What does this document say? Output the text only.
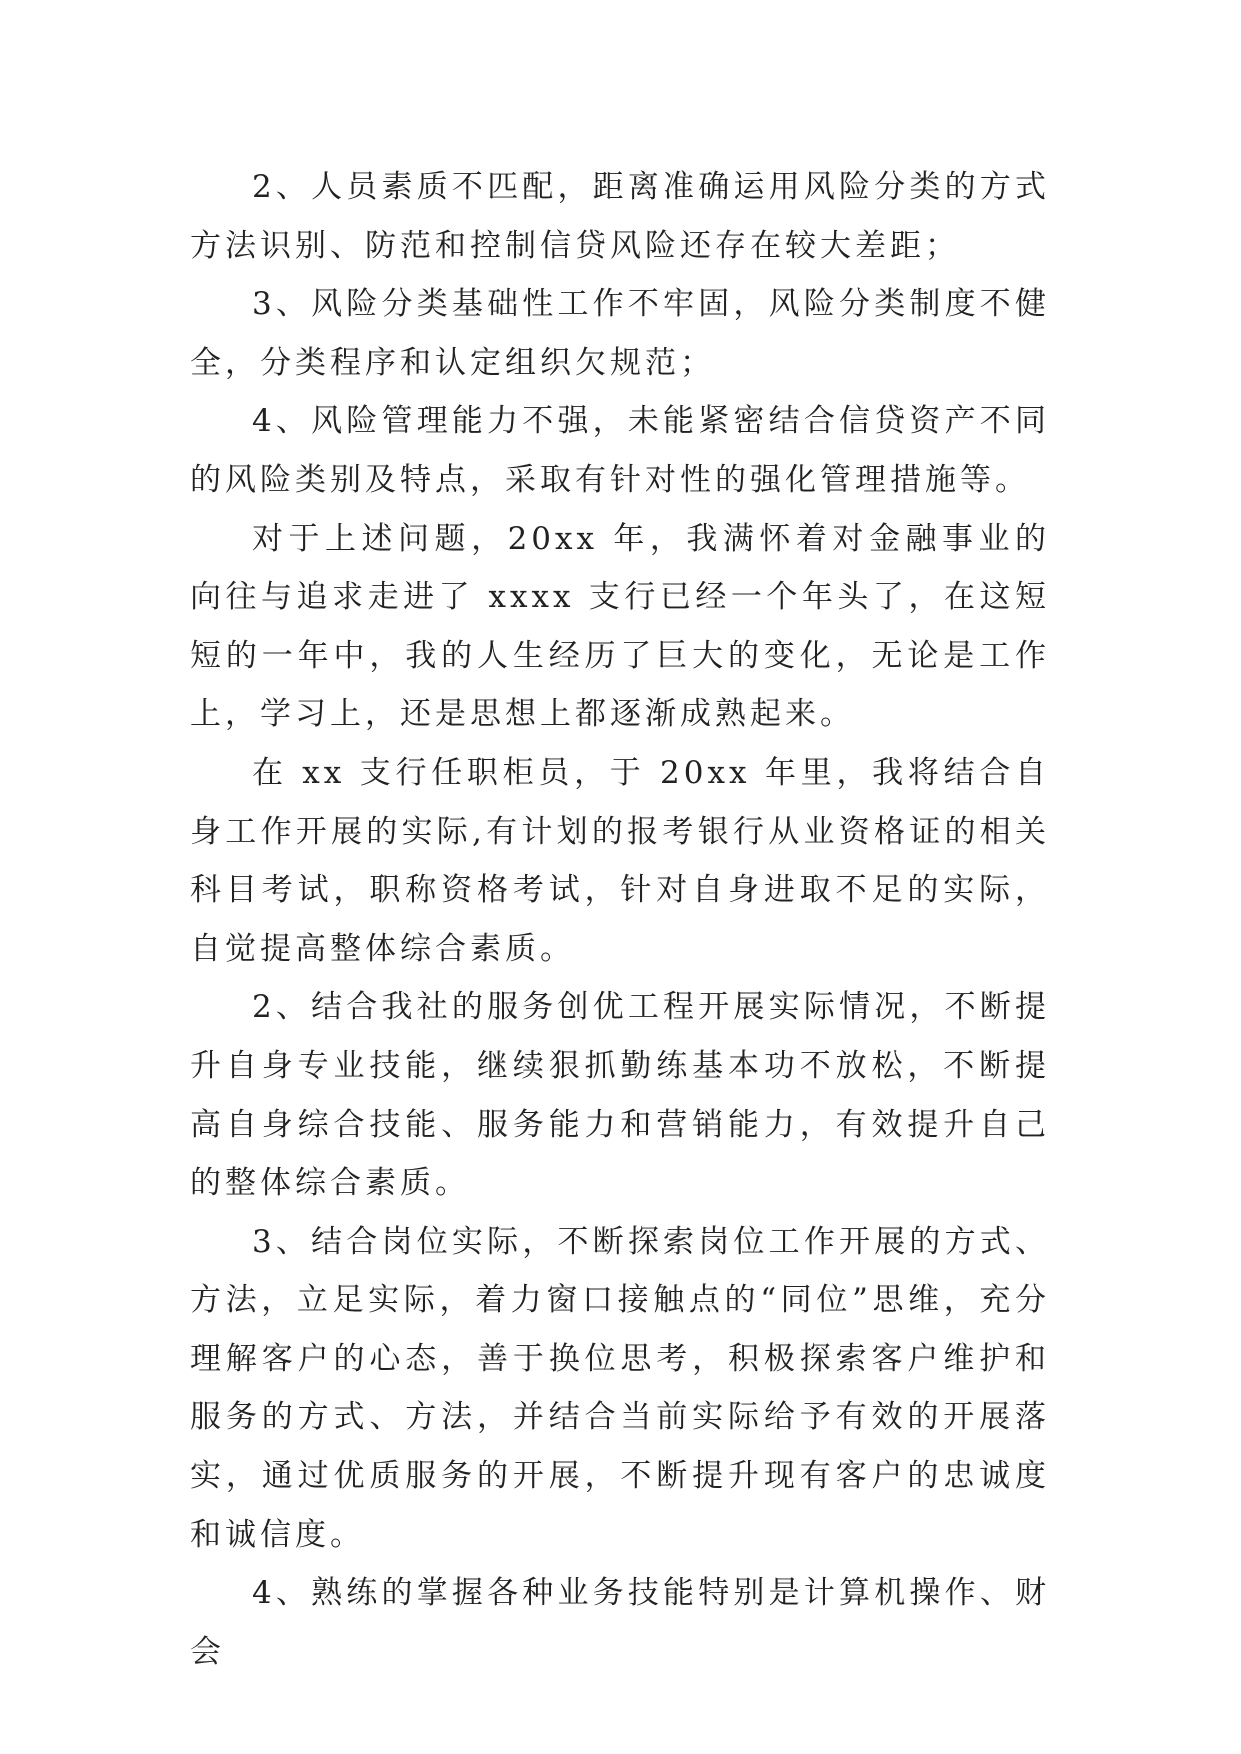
2、人员素质不匹配，距离准确运用风险分类的方式方法识别、防范和控制信贷风险还存在较大差距；

3、风险分类基础性工作不牢固，风险分类制度不健全，分类程序和认定组织欠规范；

4、风险管理能力不强，未能紧密结合信贷资产不同的风险类别及特点，采取有针对性的强化管理措施等。

对于上述问题，20xx 年，我满怀着对金融事业的向往与追求走进了 xxxx 支行已经一个年头了，在这短短的一年中，我的人生经历了巨大的变化，无论是工作上，学习上，还是思想上都逐渐成熟起来。

在 xx 支行任职柜员，于 20xx 年里，我将结合自身工作开展的实际,有计划的报考银行从业资格证的相关科目考试，职称资格考试，针对自身进取不足的实际，自觉提高整体综合素质。

2、结合我社的服务创优工程开展实际情况，不断提升自身专业技能，继续狠抓勤练基本功不放松，不断提高自身综合技能、服务能力和营销能力，有效提升自己的整体综合素质。

3、结合岗位实际，不断探索岗位工作开展的方式、方法，立足实际，着力窗口接触点的“同位”思维，充分理解客户的心态，善于换位思考，积极探索客户维护和服务的方式、方法，并结合当前实际给予有效的开展落实，通过优质服务的开展，不断提升现有客户的忠诚度和诚信度。

4、熟练的掌握各种业务技能特别是计算机操作、财会
